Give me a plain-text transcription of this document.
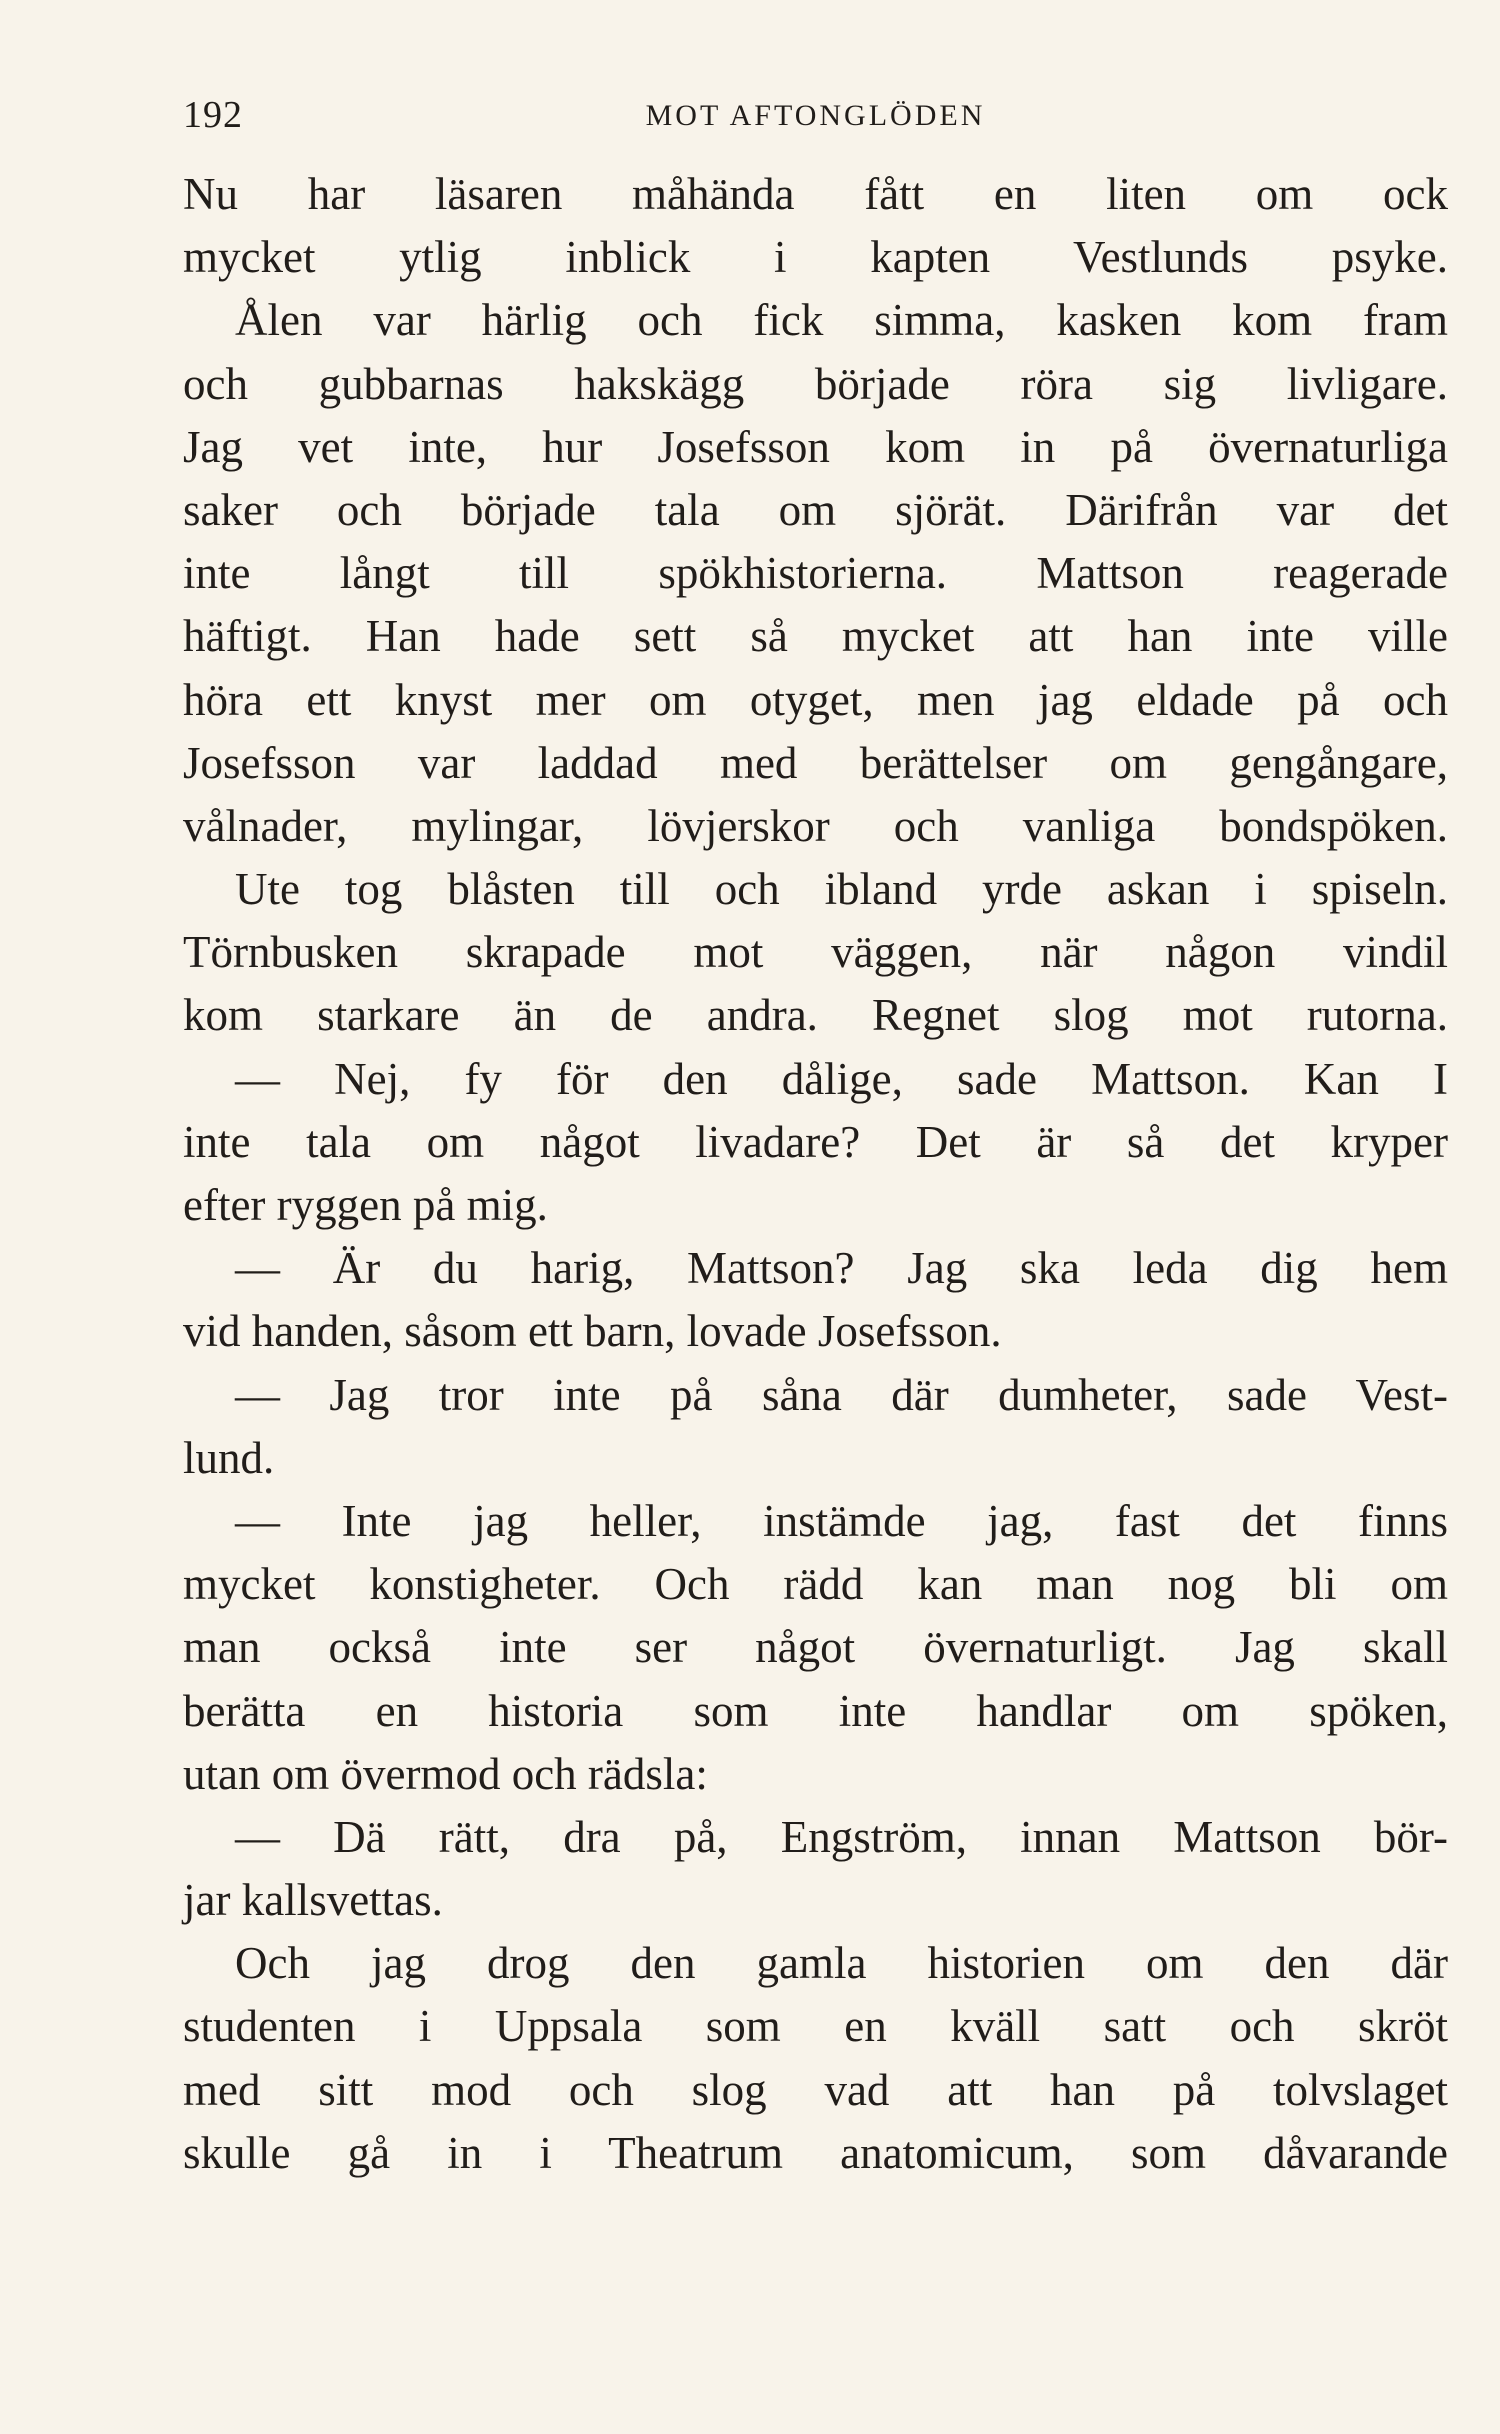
192	MOT AFTONGLÖDEN
Nu har läsaren måhända fått en liten om ock
mycket ytlig inblick i kapten Vestlunds psyke.
Ålen var härlig och fick simma, kasken kom fram
och gubbarnas hakskägg började röra sig livligare.
Jag vet inte, hur Josefsson kom in på övernaturliga
saker och började tala om sjörät. Därifrån var det
inte långt till spökhistorierna. Mattson reagerade
häftigt. Han hade sett så mycket att han inte ville
höra ett knyst mer om otyget, men jag eldade på och
Josefsson var laddad med berättelser om gengångare,
vålnader, mylingar, lövjerskor och vanliga bondspöken.
Ute tog blåsten till och ibland yrde askan i spiseln.
Törnbusken skrapade mot väggen, när någon vindil
kom starkare än de andra. Regnet slog mot rutorna.
— Nej, fy för den dålige, sade Mattson. Kan I
inte tala om något livadare? Det är så det kryper
efter ryggen på mig.
— Är du harig, Mattson? Jag ska leda dig hem
vid handen, såsom ett barn, lovade Josefsson.
— Jag tror inte på såna där dumheter, sade Vest-
lund.
— Inte jag heller, instämde jag, fast det finns
mycket konstigheter. Och rädd kan man nog bli om
man också inte ser något övernaturligt. Jag skall
berätta en historia som inte handlar om spöken,
utan om övermod och rädsla:
— Dä rätt, dra på, Engström, innan Mattson bör-
jar kallsvettas.
Och jag drog den gamla historien om den där
studenten i Uppsala som en kväll satt och skröt
med sitt mod och slog vad att han på tolvslaget
skulle gå in i Theatrum anatomicum, som dåvarande
